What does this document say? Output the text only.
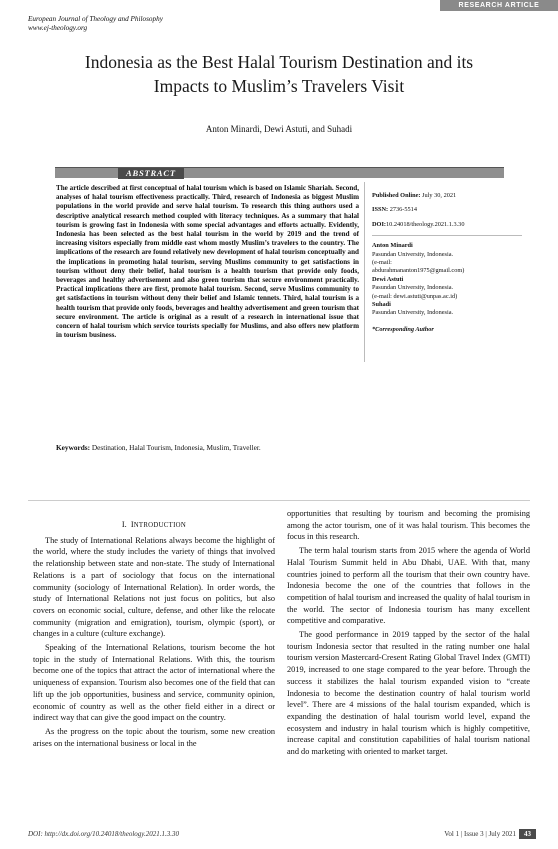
RESEARCH ARTICLE
European Journal of Theology and Philosophy
www.ej-theology.org
Indonesia as the Best Halal Tourism Destination and its
Impacts to Muslim’s Travelers Visit
Anton Minardi, Dewi Astuti, and Suhadi
ABSTRACT
The article described at first conceptual of halal tourism which is based on Islamic Shariah. Second, analyses of halal tourism effectiveness practically. Third, research of Indonesia as biggest Muslim populations in the world provide and serve halal tourism. To research this thing authors used a descriptive analytical research method coupled with literacy techniques. As a summary that halal tourism is growing fast in Indonesia with some special advantages and efforts actually. Evidently, Indonesia has been selected as the best halal tourism in the world by 2019 and the trend of increasing visitors especially from middle east whom mostly Muslim’s travelers to the country. The implications of the research are found relatively new development of halal tourism conceptually and the implications in promoting halal tourism, serving Muslims community to get satisfactions in tourism without deny their belief, halal tourism is a health tourism that provide only foods, beverages and healthy advertisement and also green tourism that secure environment practically. Practical implications there are first, promote halal tourism. Second, serve Muslims community to get satisfactions in tourism without deny their belief and Islamic tennets. Third, halal tourism is a health tourism that provide only foods, beverages and healthy advertisement and green tourism that secure environment. The article is original as a result of a research in international issue that concern of halal tourism which service tourists specially for Muslims, and also offers new platform in tourism business.
Keywords: Destination, Halal Tourism, Indonesia, Muslim, Traveller.
Published Online: July 30, 2021
ISSN: 2736-5514
DOI:10.24018/theology.2021.1.3.30
Anton Minardi
Pasundan University, Indonesia.
(e-mail:
abdurahmananton1975@gmail.com)
Dewi Astuti
Pasundan University, Indonesia.
(e-mail: dewi.astuti@unpas.ac.id)
Suhadi
Pasundan University, Indonesia.
*Corresponding Author
I. INTRODUCTION

The study of International Relations always become the highlight of the world, where the study includes the variety of things that involved the relationship between state and non-state. The study of International Relations is a part of sociology that focus on the international community (sociology of International Relation). In order words, the study of International Relations not just focus on politics, but also covers on economic social, culture, defense, and other like the relocate community (migration and emigration), tourism, olympic (sport), or changes in a culture (culture exchange).

Speaking of the International Relations, tourism become the hot topic in the study of International Relations. With this, the tourism become one of the topics that attract the actor of international where the uniqueness of expansion. Tourism also becomes one of the field that can lift up the job opportunities, business and service, community opinion, economic of country as well as the other field either in a direct or indirect way that can give the good impact on the country.

As the progress on the topic about the tourism, some new creation arises on the international business or local in the

opportunities that resulting by tourism and becoming the promising among the actor tourism, one of it was halal tourism. This becomes the focus in this research.

The term halal tourism starts from 2015 where the agenda of World Halal Tourism Summit held in Abu Dhabi, UAE. With that, many countries joined to perform all the tourism that their own country have. Indonesia become the one of the countries that follows in the competition of halal tourism and increased the quality of halal tourism in the world. The sector of Indonesia tourism has many excellent competitive and comparative.

The good performance in 2019 tapped by the sector of the halal tourism Indonesia sector that resulted in the rating number one halal tourism version Mastercard-Cresent Rating Global Travel Index (GMTI) 2019, increased to one stage compared to the year before. Through the success it stabilizes the halal tourism expanded vision to “create Indonesia to become the destination country of halal tourism world level”. There are 4 missions of the halal tourism expanded, which is expanding the destination of halal tourism world level, expand the ecosystem and industry in halal tourism which is highly competitive, increase capital and constitution capabilities of halal tourism national and do marketing with oriented to market target.

DOI: http://dx.doi.org/10.24018/theology.2021.1.3.30	Vol 1 | Issue 3 | July 2021	43
